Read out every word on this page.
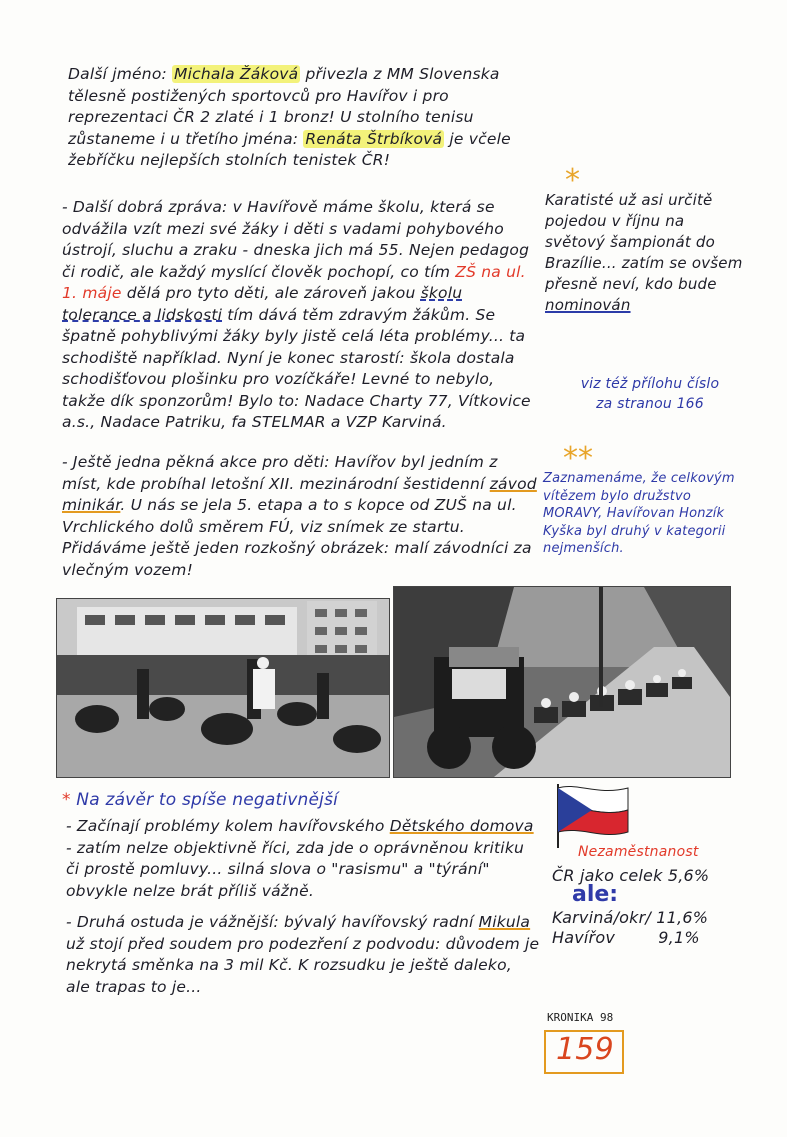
Další jméno: Michala Žáková přivezla z MM Slovenska tělesně postižených sportovců pro Havířov i pro reprezentaci ČR 2 zlaté i 1 bronz! U stolního tenisu zůstaneme i u třetího jména: Renáta Štrbíková je včele žebříčku nejlepších stolních tenistek ČR!
- Další dobrá zpráva: v Havířově máme školu, která se odvážila vzít mezi své žáky i děti s vadami pohybového ústrojí, sluchu a zraku - dneska jich má 55. Nejen pedagog či rodič, ale každý myslící člověk pochopí, co tím ZŠ na ul. 1. máje dělá pro tyto děti, ale zároveň jakou školu tolerance a lidskosti tím dává těm zdravým žákům. Se špatně pohyblivými žáky byly jistě celá léta problémy... ta schodiště například. Nyní je konec starostí: škola dostala schodišťovou plošinku pro vozíčkáře! Levné to nebylo, takže dík sponzorům! Bylo to: Nadace Charty 77, Vítkovice a.s., Nadace Patriku, fa STELMAR a VZP Karviná.
- Ještě jedna pěkná akce pro děti: Havířov byl jedním z míst, kde probíhal letošní XII. mezinárodní šestidenní závod minikár. U nás se jela 5. etapa a to s kopce od ZUŠ na ul. Vrchlického dolů směrem FÚ, viz snímek ze startu. Přidáváme ještě jeden rozkošný obrázek: malí závodníci za vlečným vozem!
*
Karatisté už asi určitě pojedou v říjnu na světový šampionát do Brazílie... zatím se ovšem přesně neví, kdo bude nominován
viz též přílohu číslo
za stranou 166
**
Zaznamenáme, že celkovým vítězem bylo družstvo MORAVY, Havířovan Honzík Kyška byl druhý v kategorii nejmenších.
* Na závěr to spíše negativnější
- Začínají problémy kolem havířovského Dětského domova - zatím nelze objektivně říci, zda jde o oprávněnou kritiku či prostě pomluvy... silná slova o "rasismu" a "týrání" obvykle nelze brát příliš vážně.
- Druhá ostuda je vážnější: bývalý havířovský radní Mikula už stojí před soudem pro podezření z podvodu: důvodem je nekrytá směnka na 3 mil Kč. K rozsudku je ještě daleko, ale trapas to je...
Nezaměstnanost
ČR jako celek 5,6%
ale:
Karviná/okr/ 11,6%
Havířov	9,1%
KRONIKA 98
159
